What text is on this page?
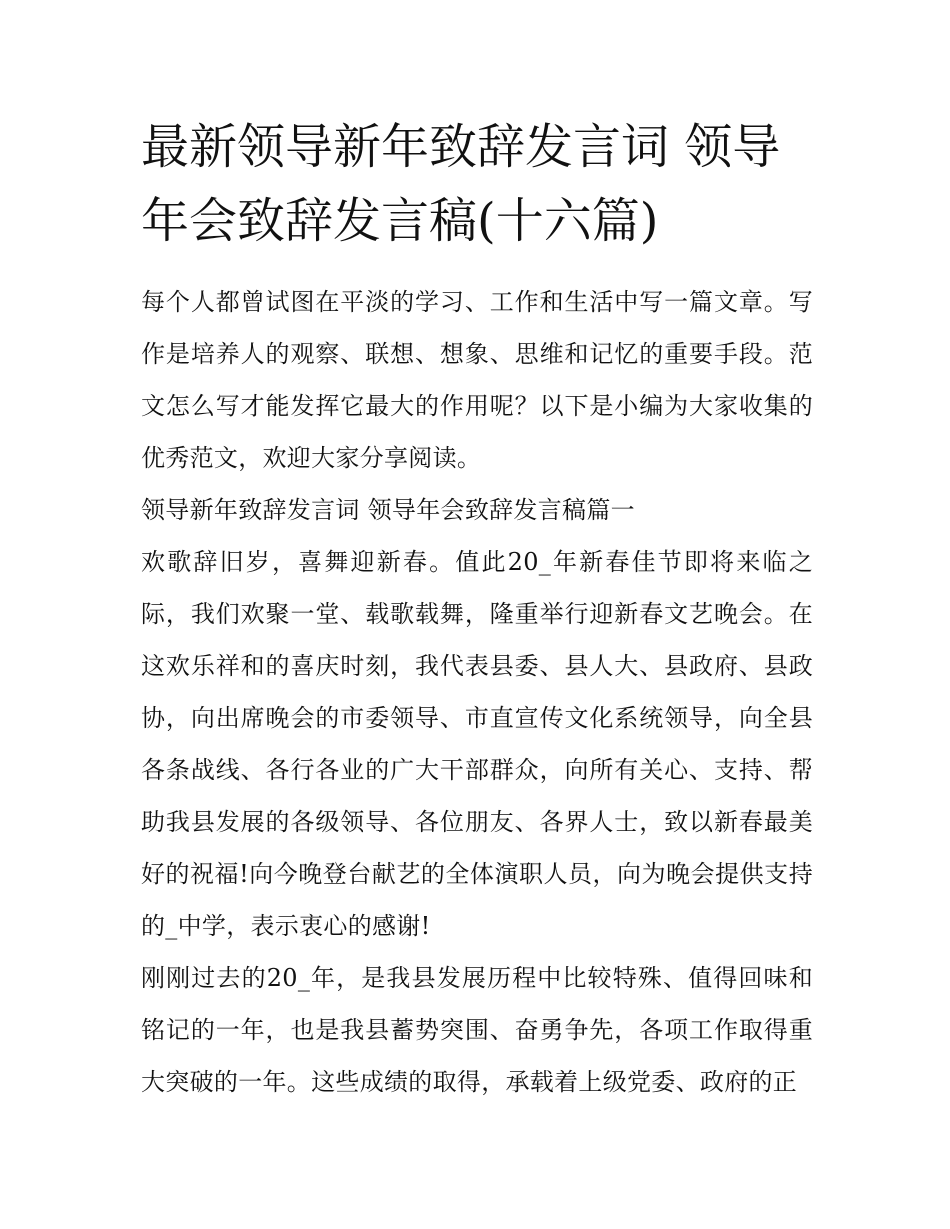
最新领导新年致辞发言词 领导年会致辞发言稿(十六篇)

每个人都曾试图在平淡的学习、工作和生活中写一篇文章。写作是培养人的观察、联想、想象、思维和记忆的重要手段。范文怎么写才能发挥它最大的作用呢？以下是小编为大家收集的优秀范文，欢迎大家分享阅读。

领导新年致辞发言词 领导年会致辞发言稿篇一

欢歌辞旧岁，喜舞迎新春。值此20_年新春佳节即将来临之际，我们欢聚一堂、载歌载舞，隆重举行迎新春文艺晚会。在这欢乐祥和的喜庆时刻，我代表县委、县人大、县政府、县政协，向出席晚会的市委领导、市直宣传文化系统领导，向全县各条战线、各行各业的广大干部群众，向所有关心、支持、帮助我县发展的各级领导、各位朋友、各界人士，致以新春最美好的祝福!向今晚登台献艺的全体演职人员，向为晚会提供支持的_中学，表示衷心的感谢!

刚刚过去的20_年，是我县发展历程中比较特殊、值得回味和铭记的一年，也是我县蓄势突围、奋勇争先，各项工作取得重大突破的一年。这些成绩的取得，承载着上级党委、政府的正
